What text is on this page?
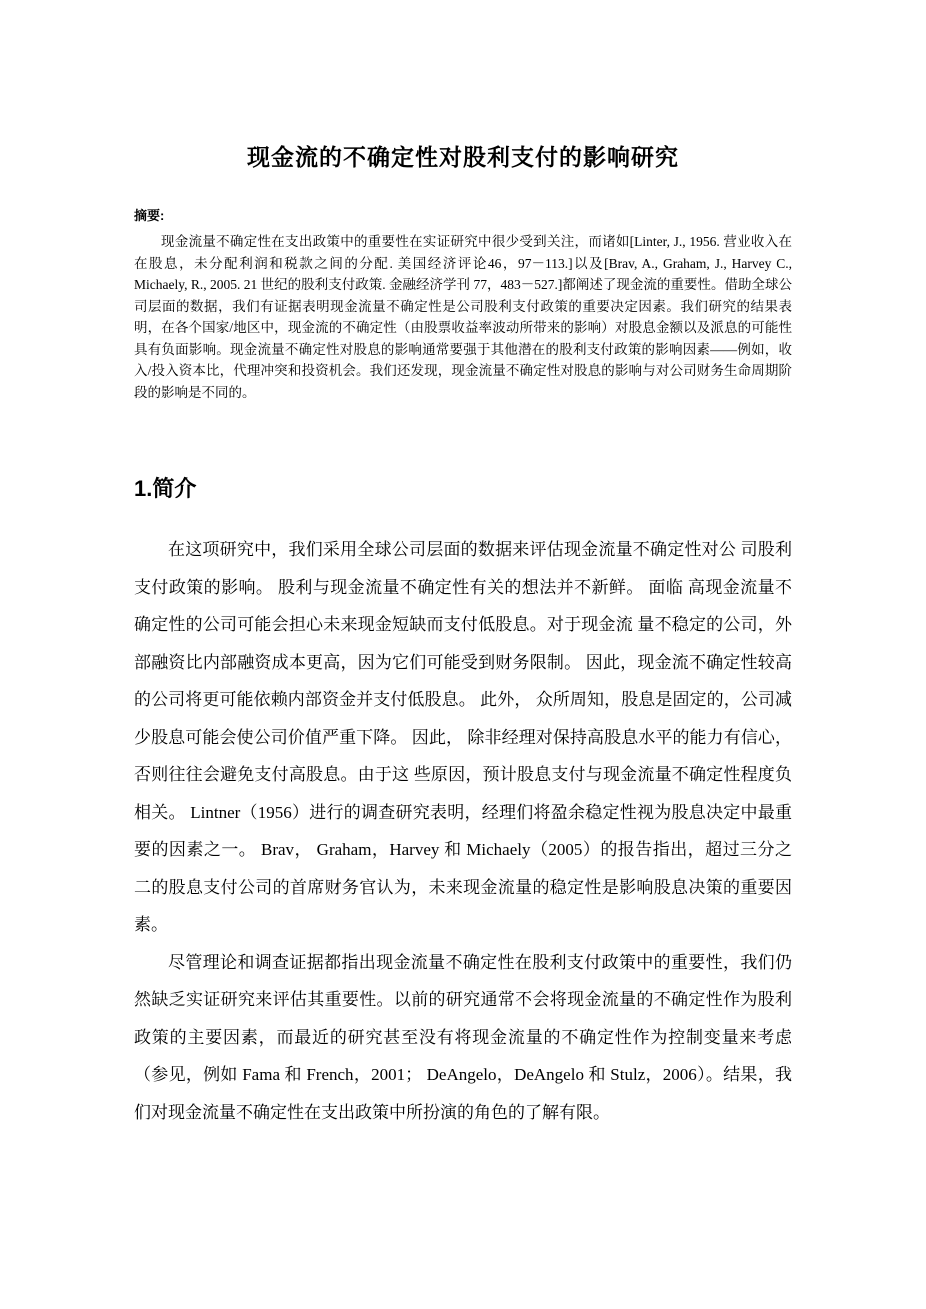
现金流的不确定性对股利支付的影响研究
摘要:

现金流量不确定性在支出政策中的重要性在实证研究中很少受到关注，而诸如[Linter, J., 1956. 营业收入在在股息，未分配利润和税款之间的分配. 美国经济评论46，97－113.]以及[Brav, A., Graham, J., Harvey C., Michaely, R., 2005. 21 世纪的股利支付政策. 金融经济学刊 77，483－527.]都阐述了现金流的重要性。借助全球公司层面的数据，我们有证据表明现金流量不确定性是公司股利支付政策的重要决定因素。我们研究的结果表明，在各个国家/地区中，现金流的不确定性（由股票收益率波动所带来的影响）对股息金额以及派息的可能性具有负面影响。现金流量不确定性对股息的影响通常要强于其他潜在的股利支付政策的影响因素——例如，收入/投入资本比，代理冲突和投资机会。我们还发现，现金流量不确定性对股息的影响与对公司财务生命周期阶段的影响是不同的。

1.简介

在这项研究中，我们采用全球公司层面的数据来评估现金流量不确定性对公 司股利支付政策的影响。 股利与现金流量不确定性有关的想法并不新鲜。 面临 高现金流量不确定性的公司可能会担心未来现金短缺而支付低股息。对于现金流 量不稳定的公司，外部融资比内部融资成本更高，因为它们可能受到财务限制。 因此，现金流不确定性较高的公司将更可能依赖内部资金并支付低股息。 此外， 众所周知，股息是固定的，公司减少股息可能会使公司价值严重下降。 因此， 除非经理对保持高股息水平的能力有信心，否则往往会避免支付高股息。由于这 些原因，预计股息支付与现金流量不确定性程度负相关。 Lintner（1956）进行的调查研究表明，经理们将盈余稳定性视为股息决定中最重要的因素之一。 Brav， Graham，Harvey 和 Michaely（2005）的报告指出，超过三分之二的股息支付公司的首席财务官认为，未来现金流量的稳定性是影响股息决策的重要因素。

尽管理论和调查证据都指出现金流量不确定性在股利支付政策中的重要性，我们仍然缺乏实证研究来评估其重要性。以前的研究通常不会将现金流量的不确定性作为股利政策的主要因素，而最近的研究甚至没有将现金流量的不确定性作为控制变量来考虑（参见，例如 Fama 和 French，2001； DeAngelo，DeAngelo 和 Stulz，2006）。结果，我们对现金流量不确定性在支出政策中所扮演的角色的了解有限。
